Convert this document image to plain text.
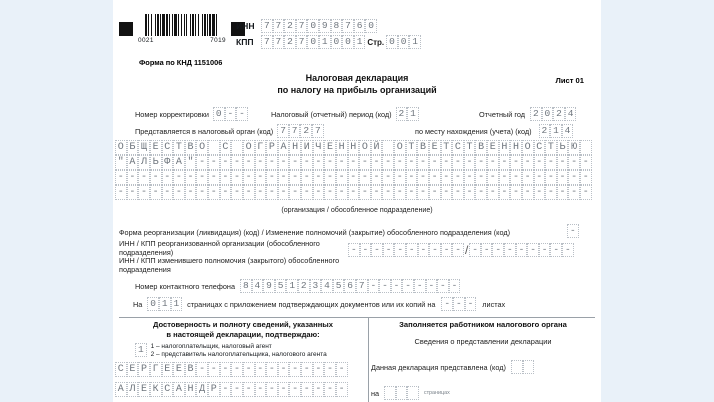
0021	7019
ИНН 7 7 2 7 0 9 8 7 6 0
КПП	7 7 2 7 0 1 0 0 1 Стр. 0 0 1
Форма по КНД 1151006
Налоговая декларация
по налогу на прибыль организаций
Лист 01
Номер корректировки 0 - -	Налоговый (отчетный) период (код) 2 1	Отчетный год 2 0 2 4
Представляется в налоговый орган (код) 7 7 2 7	по месту нахождения (учета) (код)	2 1 4
О Б Щ Е С Т В О
С
О Г Р А Н И Ч Е Н Н О Й
О Т В Е Т С Т В Е Н Н О С Т Ь Ю
" А Л Ь Ф А " - - - - - - - - - - - - - - - - - - - - - - - - - - - - - - - - - -
- - - - - - - - - - - - - - - - - - - - - - - - - - - - - - - - - - - - - - - - -
- - - - - - - - - - - - - - - - - - - - - - - - - - - - - - - - - - - - - - - - -
(организация / обособленное подразделение)
Форма реорганизации (ликвидация) (код) / Изменение полномочий (закрытие) обособленного подразделения (код)	-
ИНН / КПП реорганизованной организации (обособленного
подразделения)
ИНН / КПП изменившего полномочия (закрытого) обособленного
подразделения
- - - - - - - - - - / - - - - - - - - -
Номер контактного телефона 8 4 9 5 1 2 3 4 5 6 7 - - - - - - - -
На 0 1 1	страницах с приложением подтверждающих документов или их копий на - - -	листах
Достоверность и полноту сведений, указанных
в настоящей декларации, подтверждаю:
1	1 – налогоплательщик, налоговый агент
2 – представитель налогоплательщика, налогового агента
С Е Р Г Е Е В - - - - - - - - - - - - -
А Л Е К С А Н Д Р - - - - - - - - - - -
Заполняется работником налогового органа
Сведения о представлении декларации
Данная декларация представлена (код)

на

	страницах
